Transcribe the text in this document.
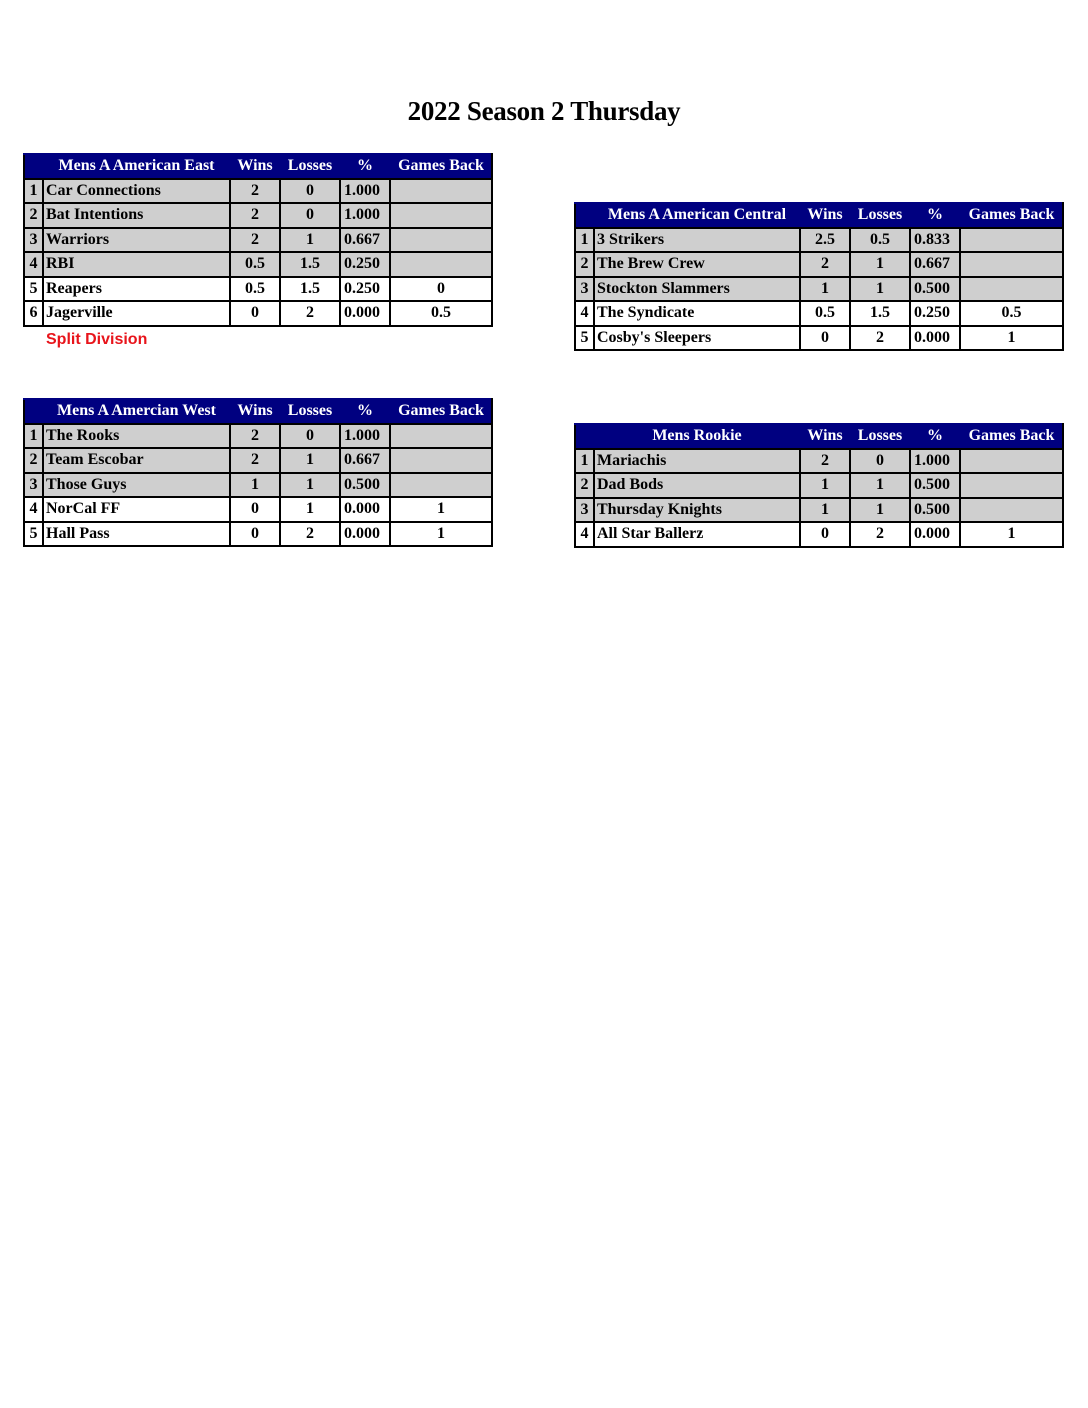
2022 Season 2 Thursday
	Mens A American East	Wins	Losses	%	Games Back
1	Car Connections	2	0	1.000	
2	Bat Intentions	2	0	1.000	
3	Warriors	2	1	0.667	
4	RBI	0.5	1.5	0.250	
5	Reapers	0.5	1.5	0.250	0
6	Jagerville	0	2	0.000	0.5
Split Division
	Mens A American Central	Wins	Losses	%	Games Back
1	3 Strikers	2.5	0.5	0.833	
2	The Brew Crew	2	1	0.667	
3	Stockton Slammers	1	1	0.500	
4	The Syndicate	0.5	1.5	0.250	0.5
5	Cosby's Sleepers	0	2	0.000	1
	Mens A Amercian West	Wins	Losses	%	Games Back
1	The Rooks	2	0	1.000	
2	Team Escobar	2	1	0.667	
3	Those Guys	1	1	0.500	
4	NorCal FF	0	1	0.000	1
5	Hall Pass	0	2	0.000	1
	Mens Rookie	Wins	Losses	%	Games Back
1	Mariachis	2	0	1.000	
2	Dad Bods	1	1	0.500	
3	Thursday Knights	1	1	0.500	
4	All Star Ballerz	0	2	0.000	1
